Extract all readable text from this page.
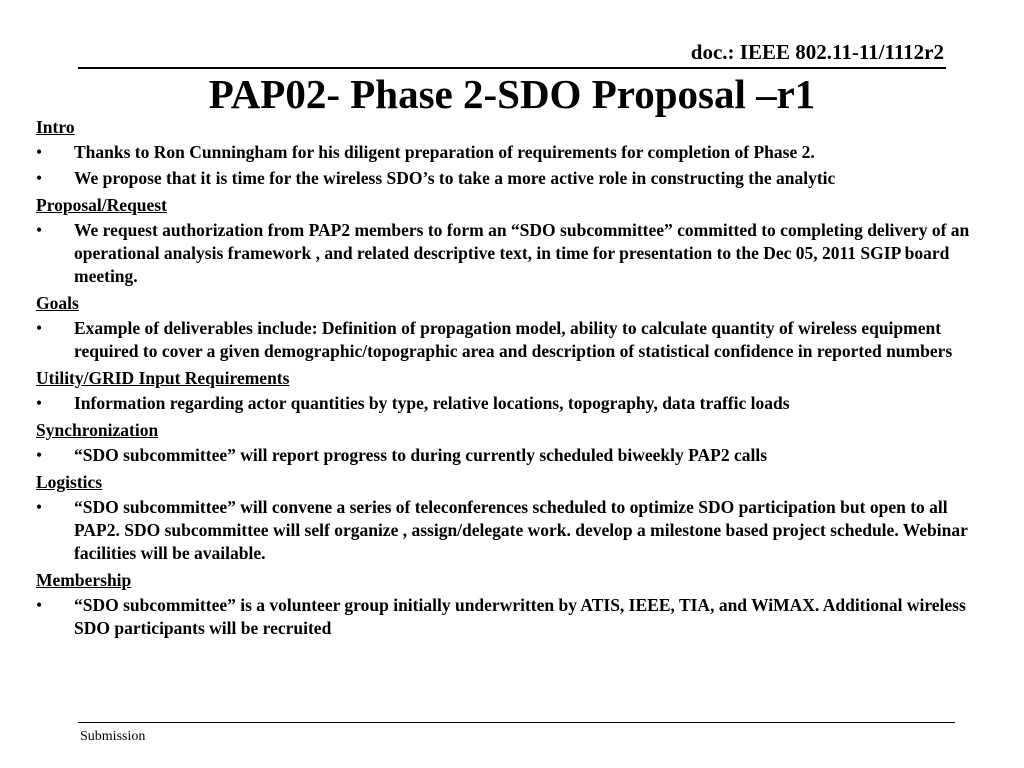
doc.: IEEE 802.11-11/1112r2
PAP02- Phase 2-SDO Proposal –r1
Intro
• Thanks to Ron Cunningham for his diligent preparation of requirements for completion of Phase 2.
• We propose that it is time for the wireless SDO’s to take a more active role in constructing the analytic
Proposal/Request
• We request authorization from PAP2 members to form an “SDO subcommittee” committed to completing delivery of an operational analysis framework , and related descriptive text, in time for presentation to the Dec 05, 2011 SGIP board meeting.
Goals
• Example of deliverables include: Definition of propagation model, ability to calculate quantity of wireless equipment required to cover a given demographic/topographic area and description of statistical confidence in reported numbers
Utility/GRID Input Requirements
• Information regarding actor quantities by type, relative locations, topography, data traffic loads
Synchronization
• “SDO subcommittee” will report progress to during currently scheduled biweekly PAP2 calls
Logistics
• “SDO subcommittee” will convene a series of teleconferences scheduled to optimize SDO participation but open to all PAP2. SDO subcommittee will self organize , assign/delegate work. develop a milestone based project schedule. Webinar facilities will be available.
Membership
• “SDO subcommittee” is a volunteer group initially underwritten by ATIS, IEEE, TIA, and WiMAX. Additional wireless SDO participants will be recruited
Submission
